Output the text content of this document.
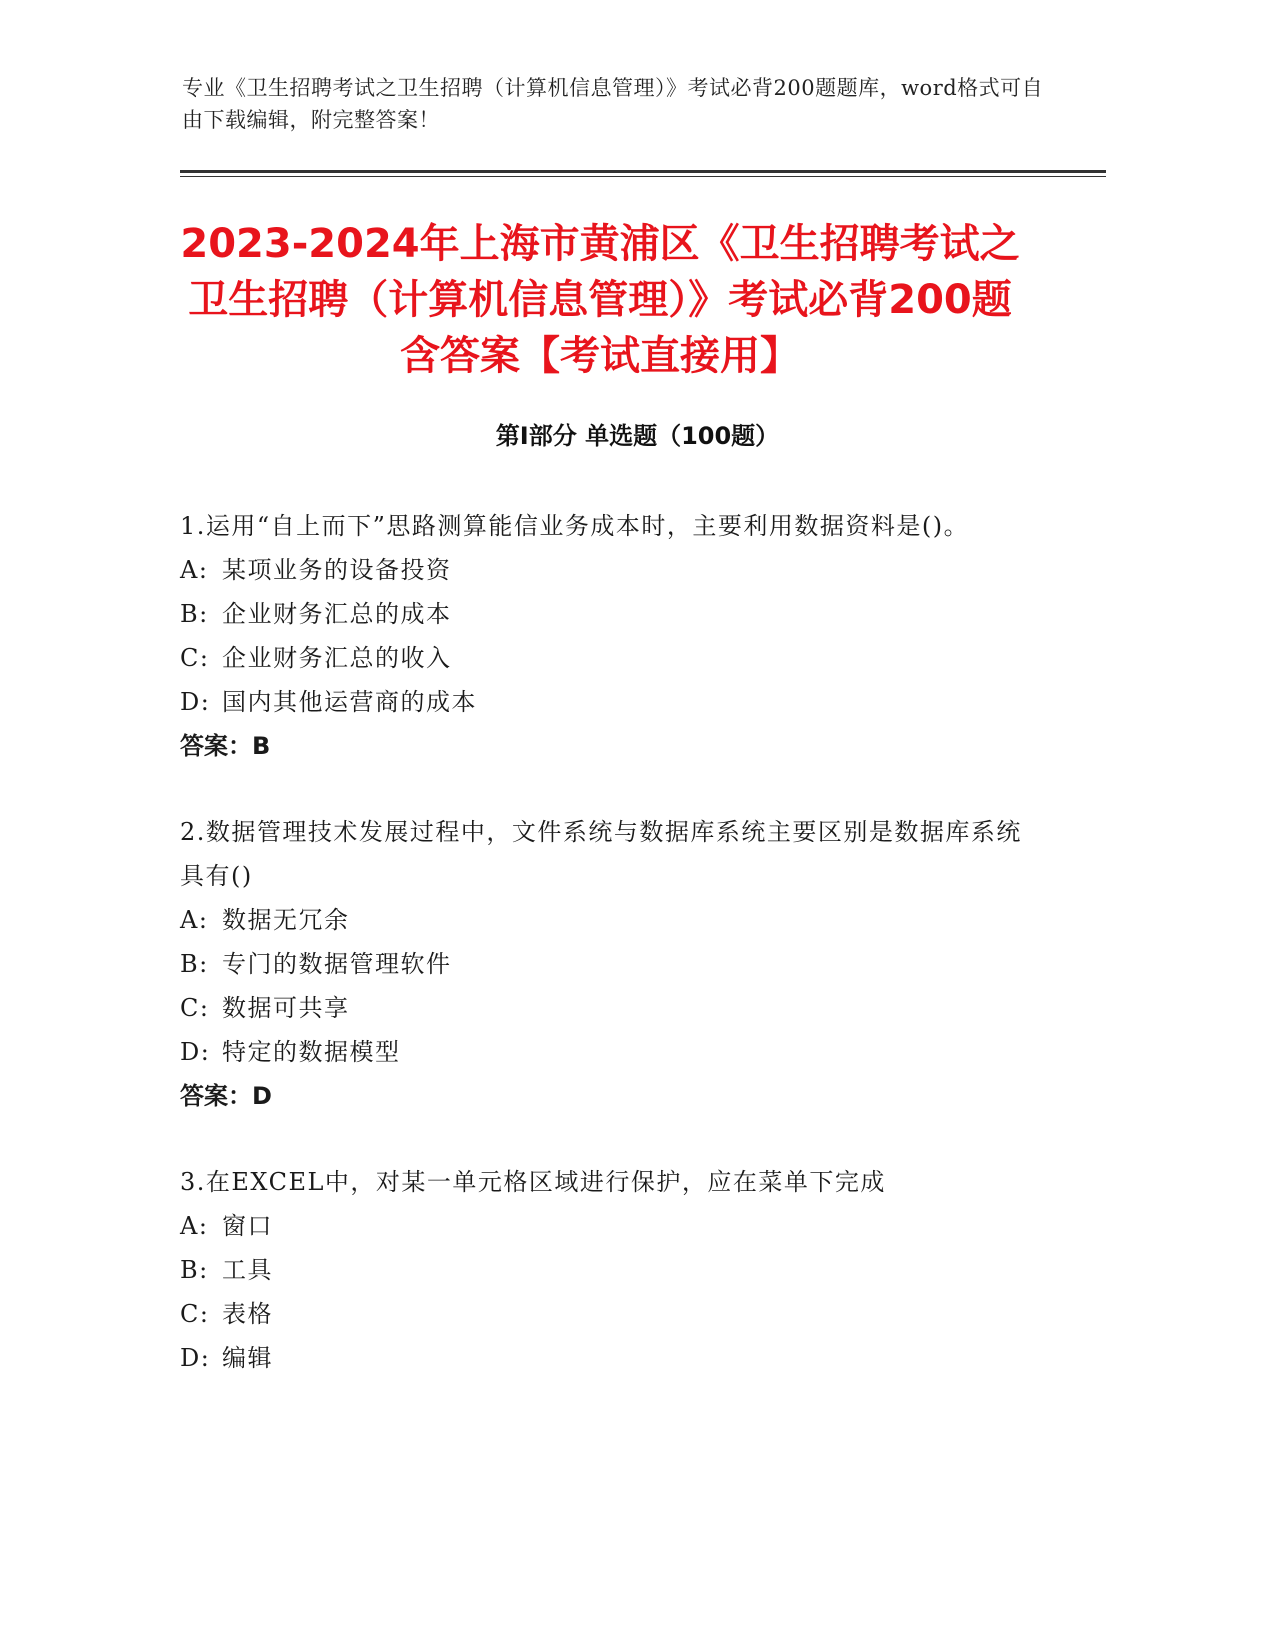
专业《卫生招聘考试之卫生招聘（计算机信息管理）》考试必背200题题库，word格式可自由下载编辑，附完整答案！
2023-2024年上海市黄浦区《卫生招聘考试之卫生招聘（计算机信息管理）》考试必背200题含答案【考试直接用】
第Ⅰ部分 单选题（100题）
1.运用“自上而下”思路测算能信业务成本时，主要利用数据资料是()。
A: 某项业务的设备投资
B: 企业财务汇总的成本
C: 企业财务汇总的收入
D: 国内其他运营商的成本
答案：B
2.数据管理技术发展过程中，文件系统与数据库系统主要区别是数据库系统具有()
A: 数据无冗余
B: 专门的数据管理软件
C: 数据可共享
D: 特定的数据模型
答案：D
3.在EXCEL中，对某一单元格区域进行保护，应在菜单下完成
A: 窗口
B: 工具
C: 表格
D: 编辑
